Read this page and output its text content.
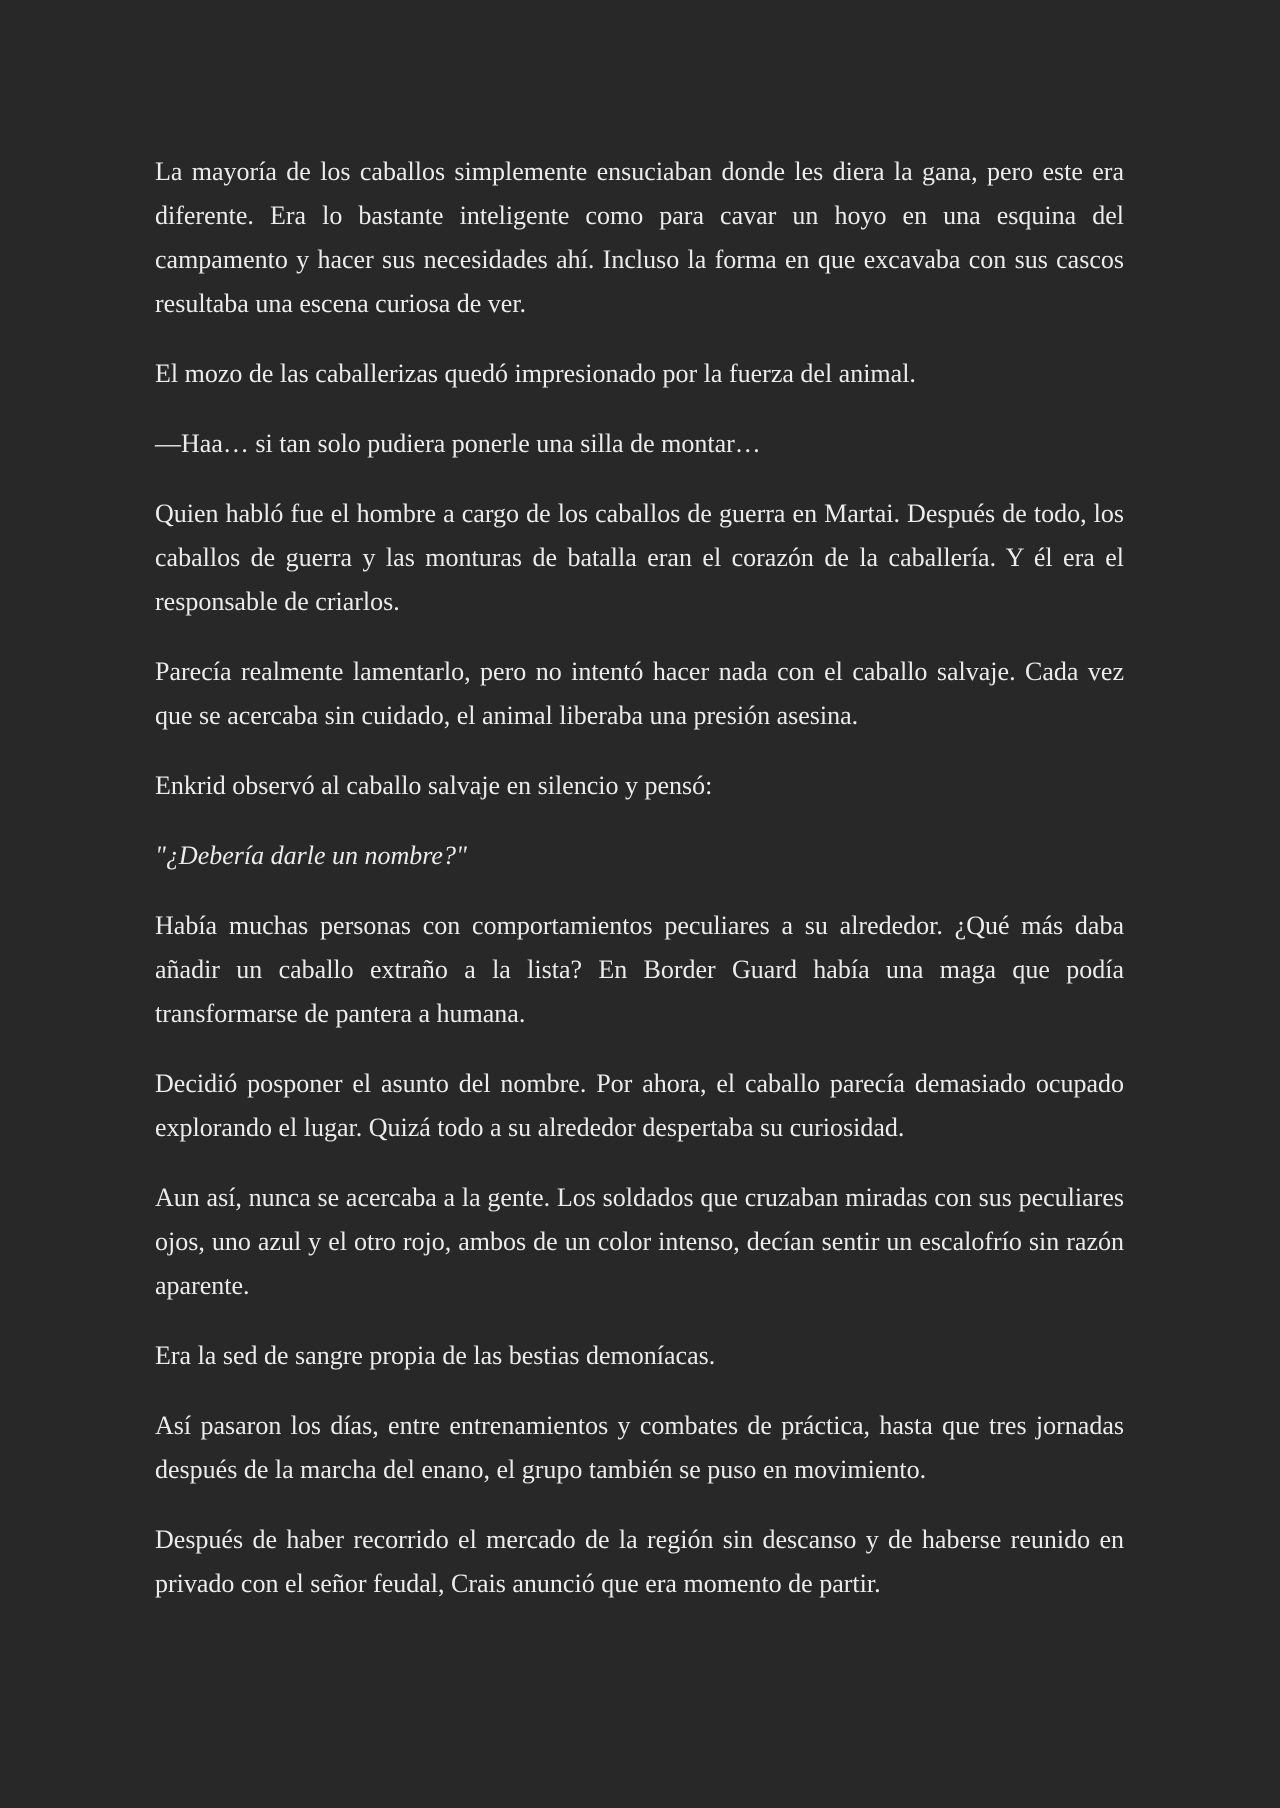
La mayoría de los caballos simplemente ensuciaban donde les diera la gana, pero este era diferente. Era lo bastante inteligente como para cavar un hoyo en una esquina del campamento y hacer sus necesidades ahí. Incluso la forma en que excavaba con sus cascos resultaba una escena curiosa de ver.

El mozo de las caballerizas quedó impresionado por la fuerza del animal.

—Haa… si tan solo pudiera ponerle una silla de montar…

Quien habló fue el hombre a cargo de los caballos de guerra en Martai. Después de todo, los caballos de guerra y las monturas de batalla eran el corazón de la caballería. Y él era el responsable de criarlos.

Parecía realmente lamentarlo, pero no intentó hacer nada con el caballo salvaje. Cada vez que se acercaba sin cuidado, el animal liberaba una presión asesina.

Enkrid observó al caballo salvaje en silencio y pensó:

"¿Debería darle un nombre?"

Había muchas personas con comportamientos peculiares a su alrededor. ¿Qué más daba añadir un caballo extraño a la lista? En Border Guard había una maga que podía transformarse de pantera a humana.

Decidió posponer el asunto del nombre. Por ahora, el caballo parecía demasiado ocupado explorando el lugar. Quizá todo a su alrededor despertaba su curiosidad.

Aun así, nunca se acercaba a la gente. Los soldados que cruzaban miradas con sus peculiares ojos, uno azul y el otro rojo, ambos de un color intenso, decían sentir un escalofrío sin razón aparente.

Era la sed de sangre propia de las bestias demoníacas.

Así pasaron los días, entre entrenamientos y combates de práctica, hasta que tres jornadas después de la marcha del enano, el grupo también se puso en movimiento.

Después de haber recorrido el mercado de la región sin descanso y de haberse reunido en privado con el señor feudal, Crais anunció que era momento de partir.
